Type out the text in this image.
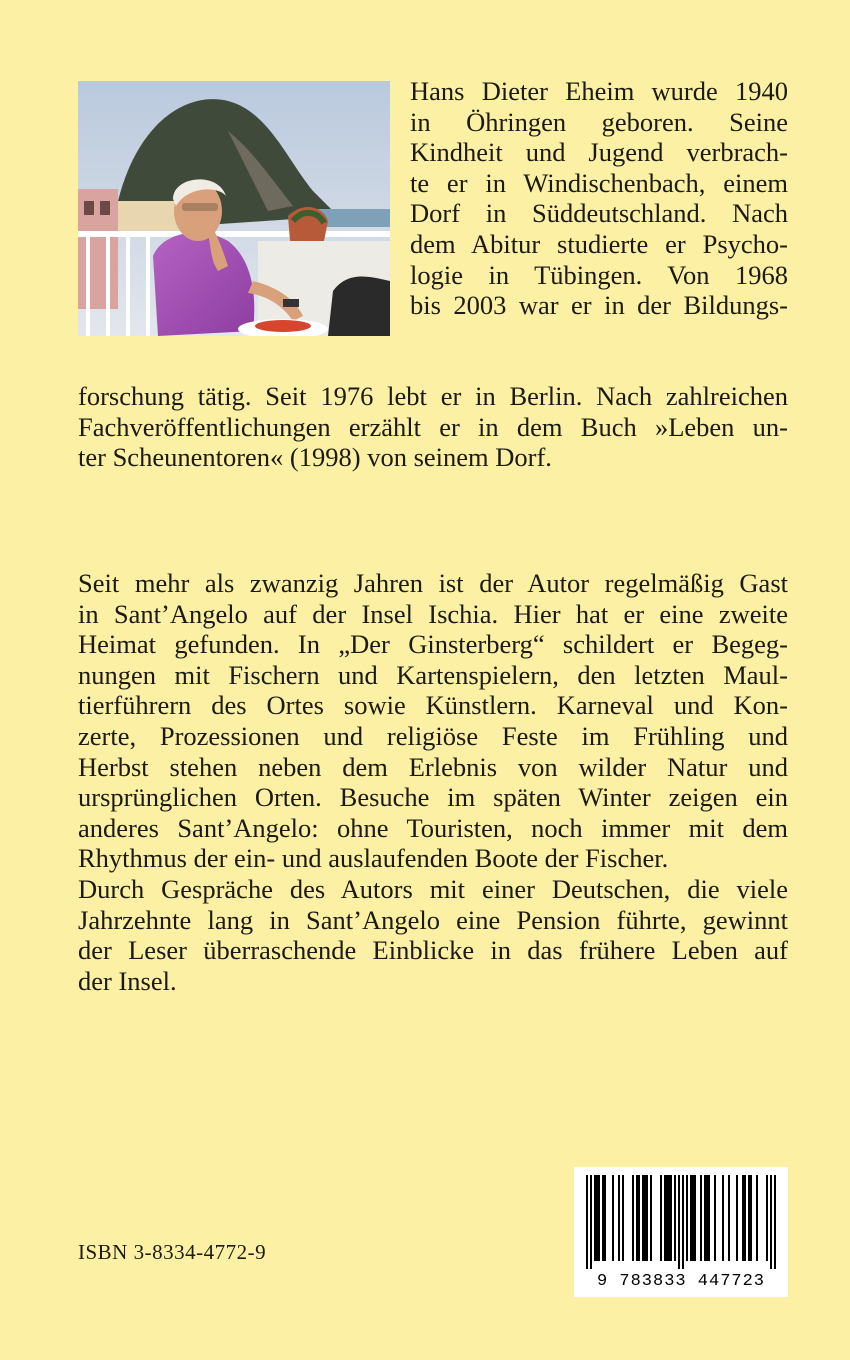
Hans Dieter Eheim wurde 1940
in Öhringen geboren. Seine
Kindheit und Jugend verbrach-
te er in Windischenbach, einem
Dorf in Süddeutschland. Nach
dem Abitur studierte er Psycho-
logie in Tübingen. Von 1968
bis 2003 war er in der Bildungs-
forschung tätig. Seit 1976 lebt er in Berlin. Nach zahlreichen
Fachveröffentlichungen erzählt er in dem Buch »Leben un-
ter Scheunentoren« (1998) von seinem Dorf.
Seit mehr als zwanzig Jahren ist der Autor regelmäßig Gast
in Sant’Angelo auf der Insel Ischia. Hier hat er eine zweite
Heimat gefunden. In „Der Ginsterberg“ schildert er Begeg-
nungen mit Fischern und Kartenspielern, den letzten Maul-
tierführern des Ortes sowie Künstlern. Karneval und Kon-
zerte, Prozessionen und religiöse Feste im Frühling und
Herbst stehen neben dem Erlebnis von wilder Natur und
ursprünglichen Orten. Besuche im späten Winter zeigen ein
anderes Sant’Angelo: ohne Touristen, noch immer mit dem
Rhythmus der ein- und auslaufenden Boote der Fischer.
Durch Gespräche des Autors mit einer Deutschen, die viele
Jahrzehnte lang in Sant’Angelo eine Pension führte, gewinnt
der Leser überraschende Einblicke in das frühere Leben auf
der Insel.
ISBN 3-8334-4772-9
9 783833 447723
